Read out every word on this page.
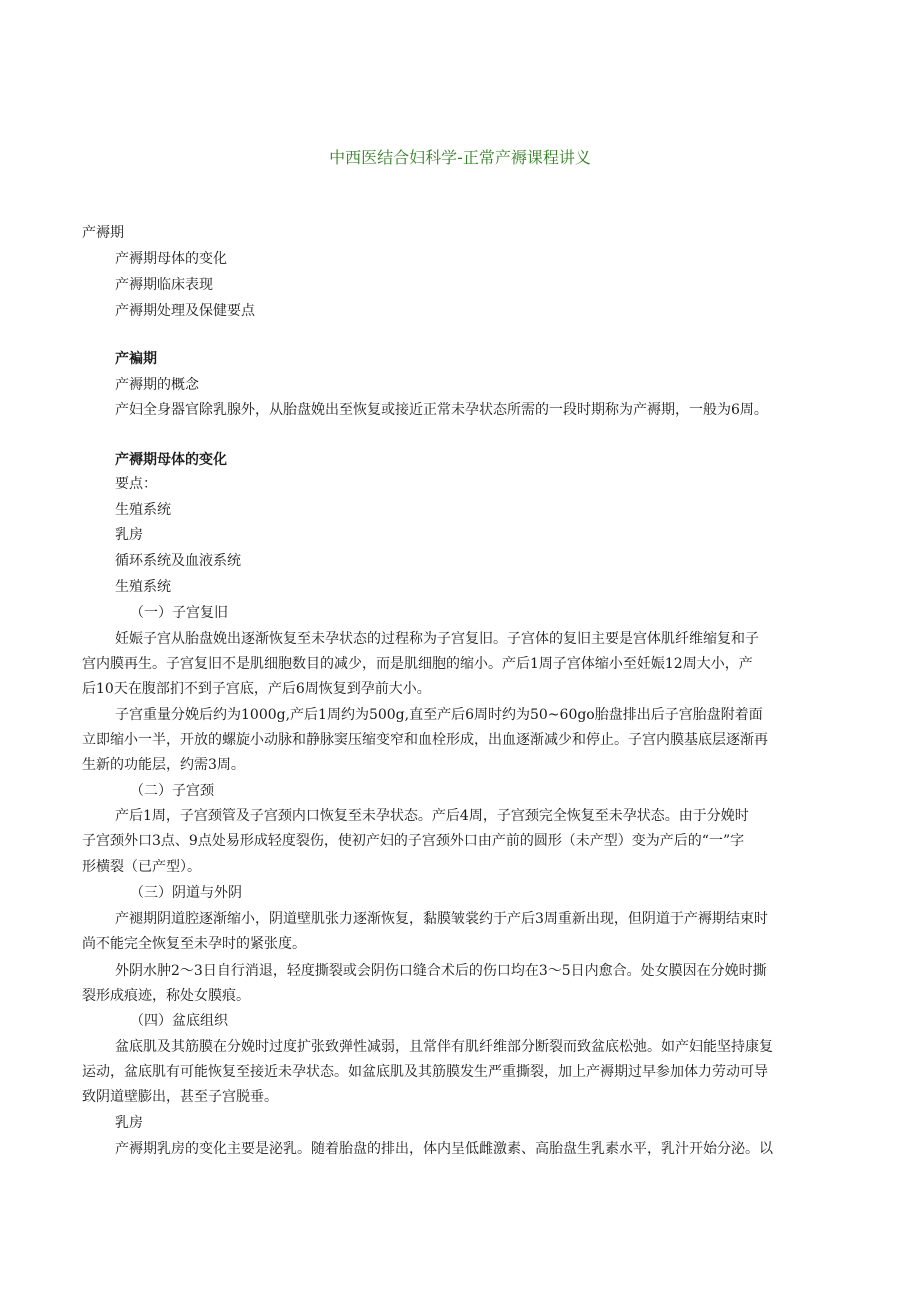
中西医结合妇科学-正常产褥课程讲义
产褥期
产褥期母体的变化
产褥期临床表现
产褥期处理及保健要点
产褊期
产褥期的概念
产妇全身器官除乳腺外，从胎盘娩出至恢复或接近正常未孕状态所需的一段时期称为产褥期，一般为6周。
产褥期母体的变化
要点：
生殖系统
乳房
循环系统及血液系统
生殖系统
（一）子宫复旧
妊娠子宫从胎盘娩出逐渐恢复至未孕状态的过程称为子宫复旧。子宫体的复旧主要是宫体肌纤维缩复和子
宫内膜再生。子宫复旧不是肌细胞数目的减少，而是肌细胞的缩小。产后1周子宫体缩小至妊娠12周大小，产
后10天在腹部扪不到子宫底，产后6周恢复到孕前大小。
子宫重量分娩后约为1000g,产后1周约为500g,直至产后6周时约为50~60go胎盘排出后子宫胎盘附着面
立即缩小一半，开放的螺旋小动脉和静脉窦压缩变窄和血栓形成，出血逐渐减少和停止。子宫内膜基底层逐渐再
生新的功能层，约需3周。
（二）子宫颈
产后1周，子宫颈管及子宫颈内口恢复至未孕状态。产后4周，子宫颈完全恢复至未孕状态。由于分娩时
子宫颈外口3点、9点处易形成轻度裂伤，使初产妇的子宫颈外口由产前的圆形（未产型）变为产后的“一”字
形横裂（已产型）。
（三）阴道与外阴
产褪期阴道腔逐渐缩小，阴道壁肌张力逐渐恢复，黏膜皱裳约于产后3周重新出现，但阴道于产褥期结束时
尚不能完全恢复至未孕时的紧张度。
外阴水肿2～3日自行消退，轻度撕裂或会阴伤口缝合术后的伤口均在3～5日内愈合。处女膜因在分娩时撕
裂形成痕迹，称处女膜痕。
（四）盆底组织
盆底肌及其筋膜在分娩时过度扩张致弹性减弱，且常伴有肌纤维部分断裂而致盆底松弛。如产妇能坚持康复
运动，盆底肌有可能恢复至接近未孕状态。如盆底肌及其筋膜发生严重撕裂，加上产褥期过早参加体力劳动可导
致阴道壁膨出，甚至子宫脱垂。
乳房
产褥期乳房的变化主要是泌乳。随着胎盘的排出，体内呈低雌激素、高胎盘生乳素水平，乳汁开始分泌。以
